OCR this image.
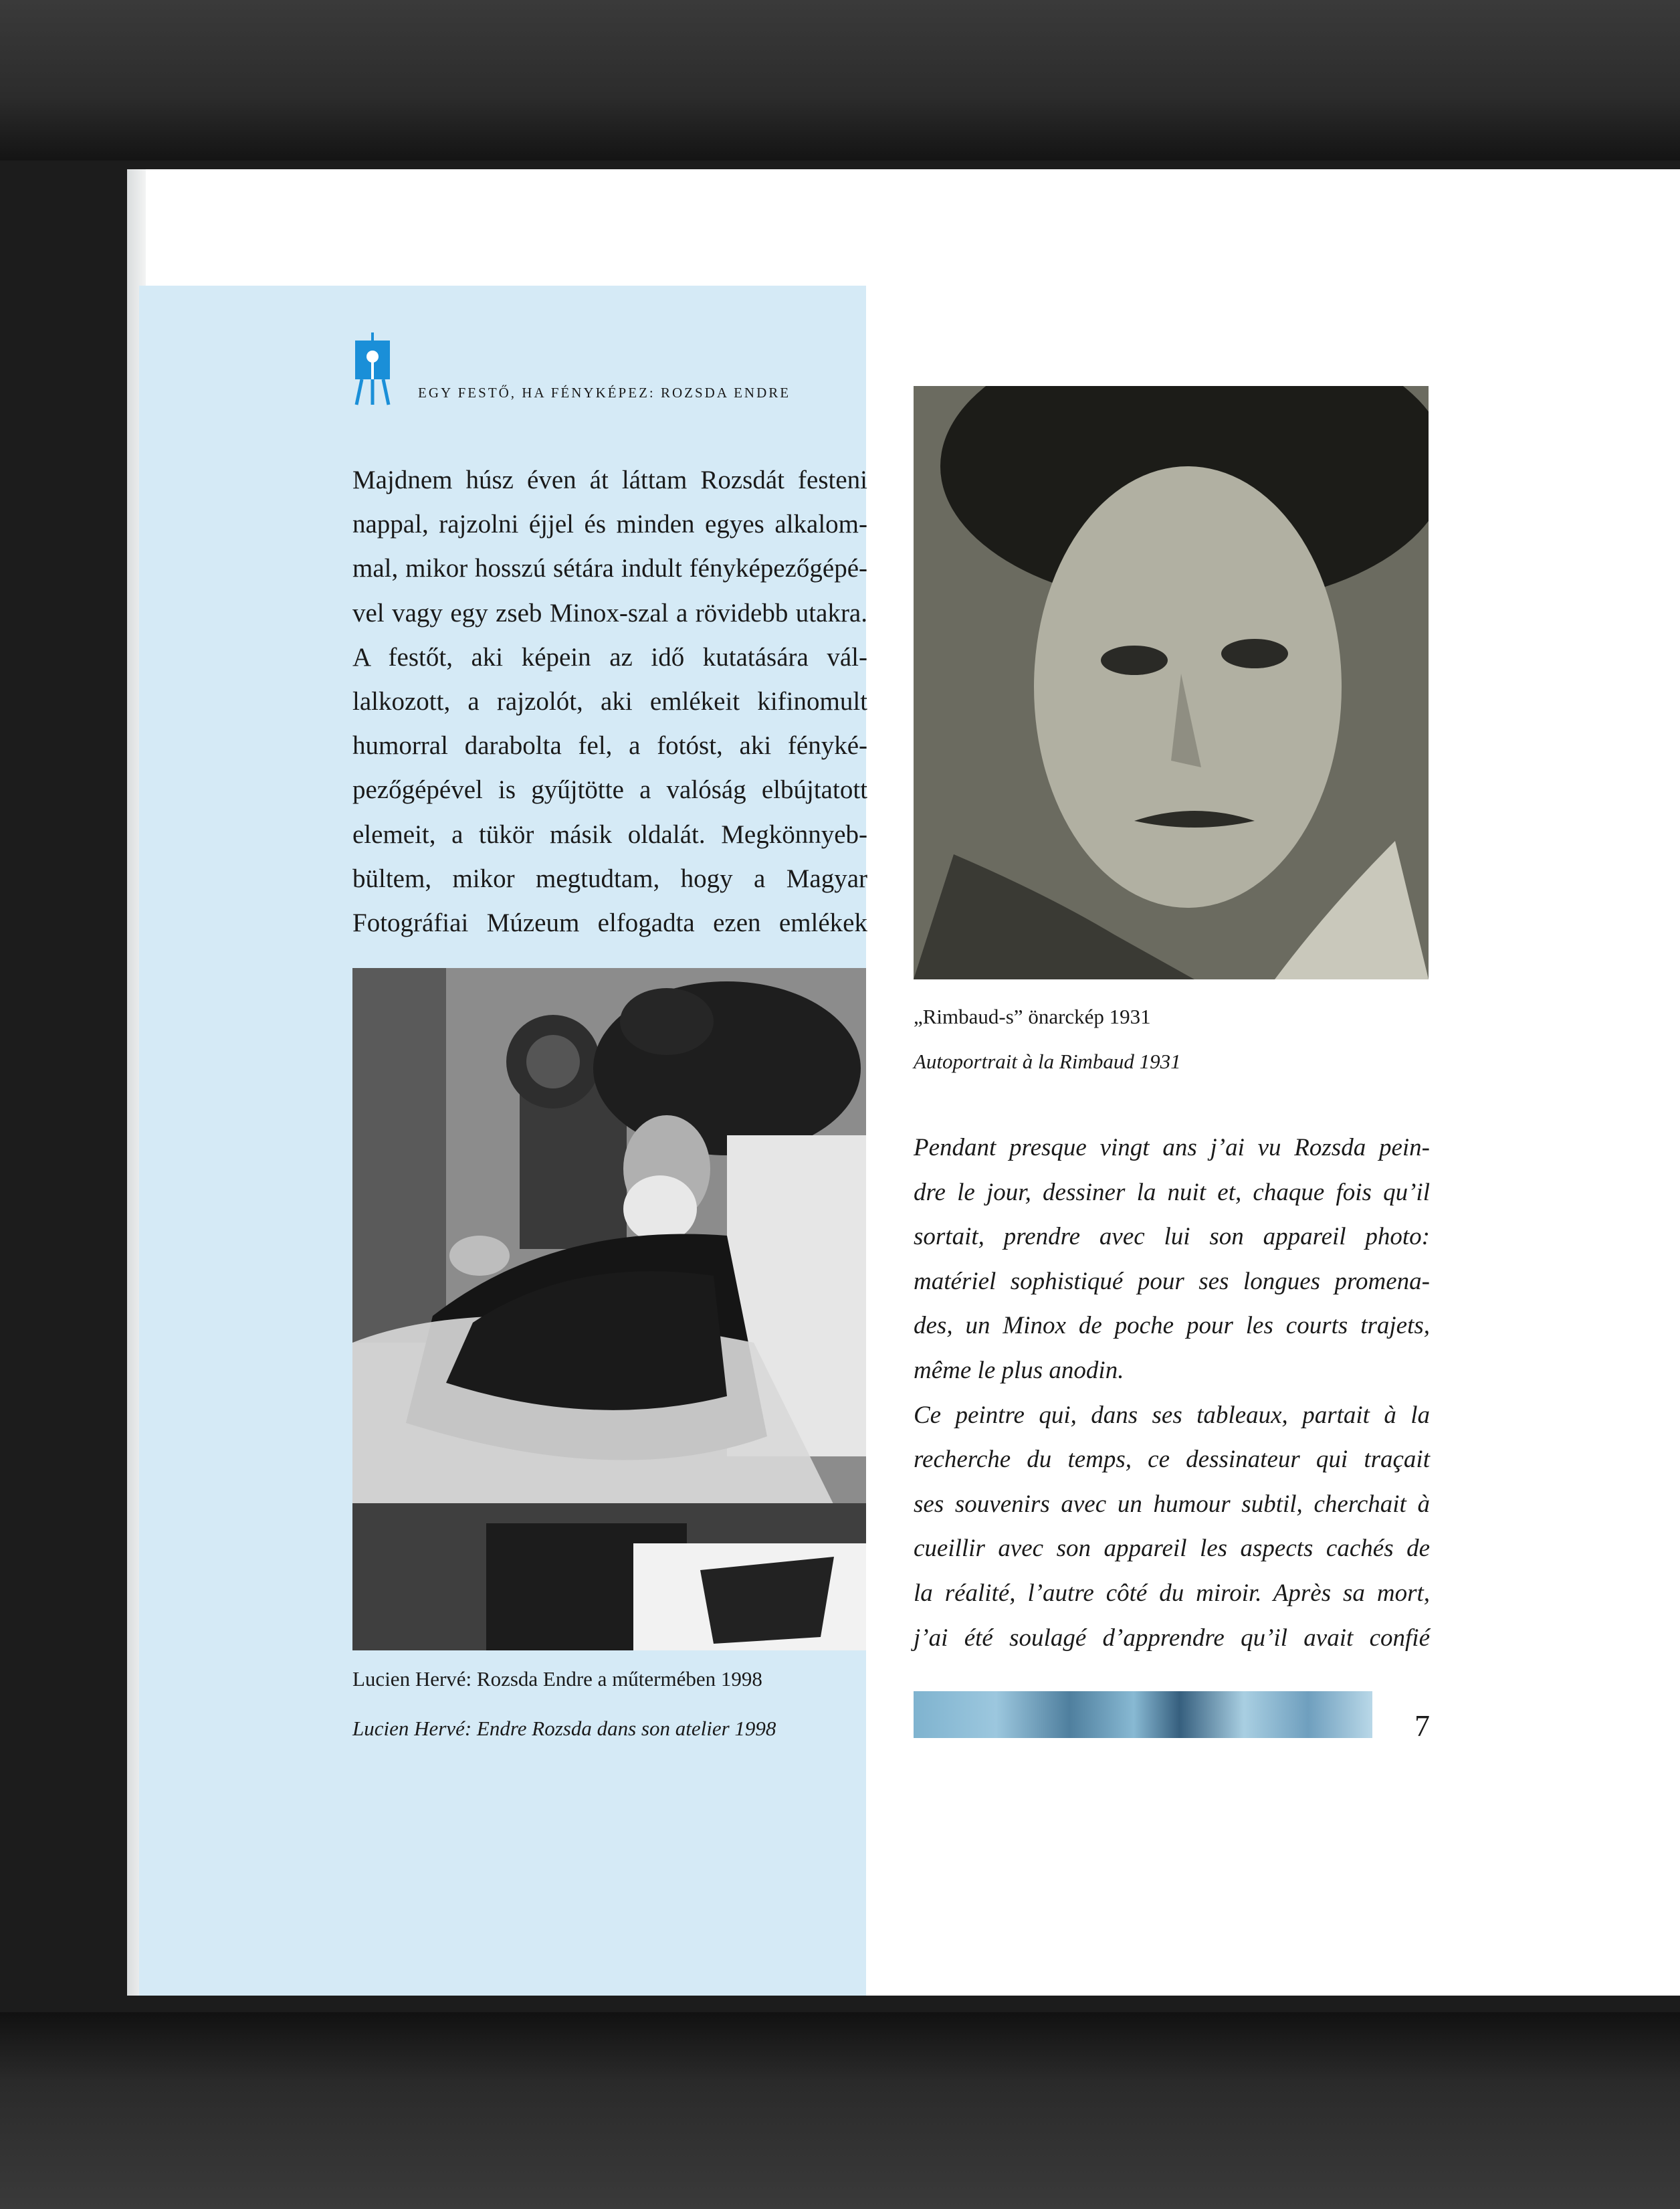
EGY FESTŐ, HA FÉNYKÉPEZ: ROZSDA ENDRE
Majdnem húsz éven át láttam Rozsdát festeni
nappal, rajzolni éjjel és minden egyes alkalom-
mal, mikor hosszú sétára indult fényképezőgépé-
vel vagy egy zseb Minox-szal a rövidebb utakra.
A festőt, aki képein az idő kutatására vál-
lalkozott, a rajzolót, aki emlékeit kifinomult
humorral darabolta fel, a fotóst, aki fényké-
pezőgépével is gyűjtötte a valóság elbújtatott
elemeit, a tükör másik oldalát. Megkönnyeb-
bültem, mikor megtudtam, hogy a Magyar
Fotográfiai Múzeum elfogadta ezen emlékek
Lucien Hervé: Rozsda Endre a műtermében 1998
Lucien Hervé: Endre Rozsda dans son atelier 1998
„Rimbaud-s” önarckép 1931
Autoportrait à la Rimbaud 1931
Pendant presque vingt ans j’ai vu Rozsda pein-
dre le jour, dessiner la nuit et, chaque fois qu’il
sortait, prendre avec lui son appareil photo:
matériel sophistiqué pour ses longues promena-
des, un Minox de poche pour les courts trajets,
même le plus anodin.
Ce peintre qui, dans ses tableaux, partait à la
recherche du temps, ce dessinateur qui traçait
ses souvenirs avec un humour subtil, cherchait à
cueillir avec son appareil les aspects cachés de
la réalité, l’autre côté du miroir. Après sa mort,
j’ai été soulagé d’apprendre qu’il avait confié
7
